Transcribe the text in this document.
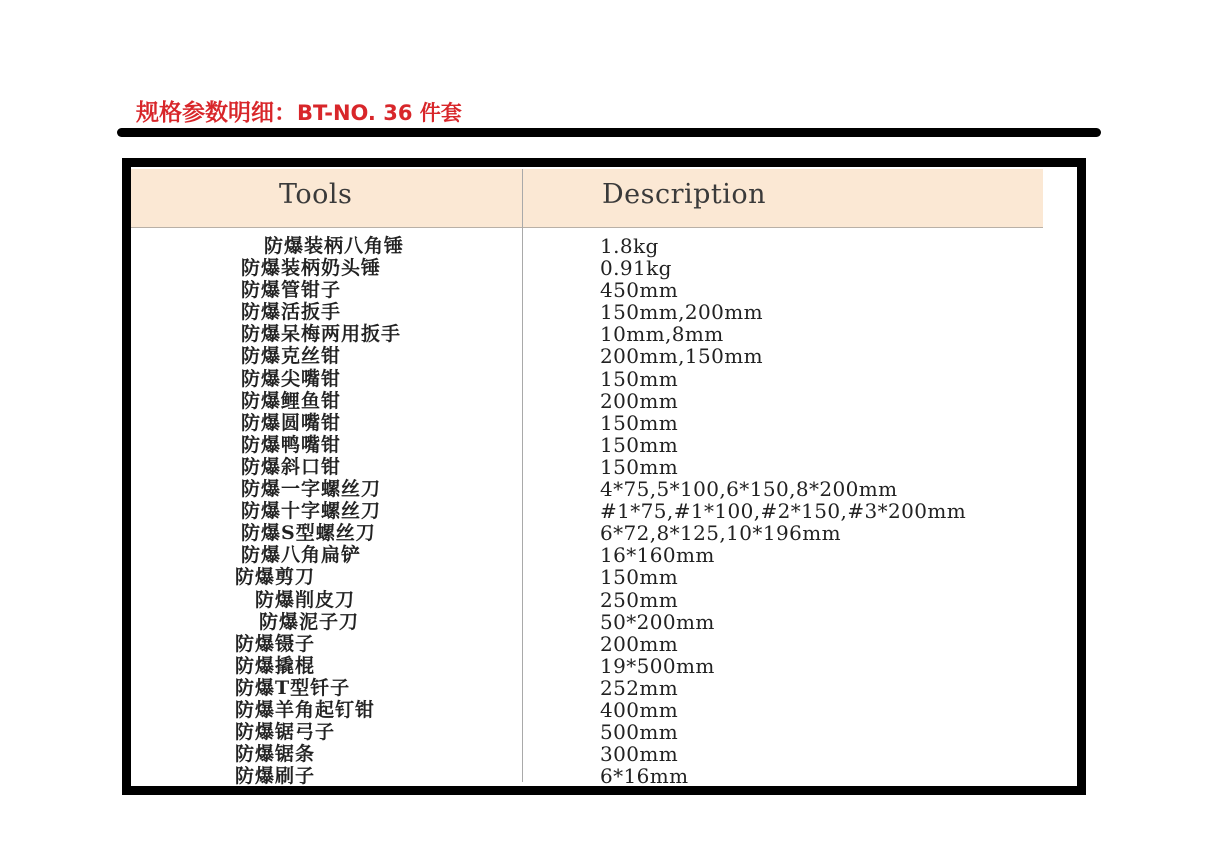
规格参数明细：BT-NO. 36 件套
Tools	Description
防爆装柄八角锤	1.8kg
防爆装柄奶头锤	0.91kg
防爆管钳子	450mm
防爆活扳手	150mm,200mm
防爆呆梅两用扳手	10mm,8mm
防爆克丝钳	200mm,150mm
防爆尖嘴钳	150mm
防爆鲤鱼钳	200mm
防爆圆嘴钳	150mm
防爆鸭嘴钳	150mm
防爆斜口钳	150mm
防爆一字螺丝刀	4*75,5*100,6*150,8*200mm
防爆十字螺丝刀	#1*75,#1*100,#2*150,#3*200mm
防爆S型螺丝刀	6*72,8*125,10*196mm
防爆八角扁铲	16*160mm
防爆剪刀	150mm
防爆削皮刀	250mm
防爆泥子刀	50*200mm
防爆镊子	200mm
防爆撬棍	19*500mm
防爆T型钎子	252mm
防爆羊角起钉钳	400mm
防爆锯弓子	500mm
防爆锯条	300mm
防爆刷子	6*16mm
